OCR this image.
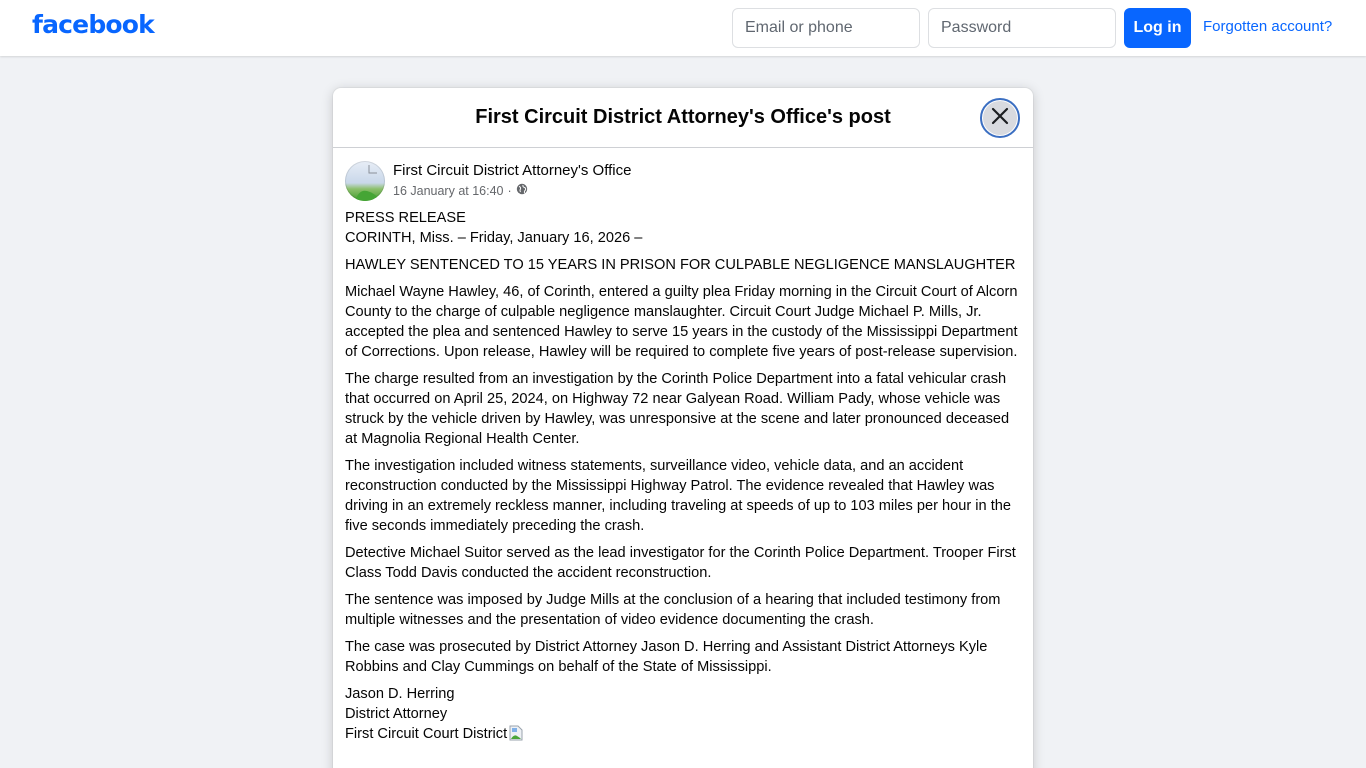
facebook
Email or phone	Log in	Forgotten account?
First Circuit District Attorney's Office's post
First Circuit District Attorney's Office
16 January at 16:40 ·

PRESS RELEASE
CORINTH, Miss. – Friday, January 16, 2026 –

HAWLEY SENTENCED TO 15 YEARS IN PRISON FOR CULPABLE NEGLIGENCE MANSLAUGHTER

Michael Wayne Hawley, 46, of Corinth, entered a guilty plea Friday morning in the Circuit Court of Alcorn County to the charge of culpable negligence manslaughter. Circuit Court Judge Michael P. Mills, Jr. accepted the plea and sentenced Hawley to serve 15 years in the custody of the Mississippi Department of Corrections. Upon release, Hawley will be required to complete five years of post-release supervision.

The charge resulted from an investigation by the Corinth Police Department into a fatal vehicular crash that occurred on April 25, 2024, on Highway 72 near Galyean Road. William Pady, whose vehicle was struck by the vehicle driven by Hawley, was unresponsive at the scene and later pronounced deceased at Magnolia Regional Health Center.

The investigation included witness statements, surveillance video, vehicle data, and an accident reconstruction conducted by the Mississippi Highway Patrol. The evidence revealed that Hawley was driving in an extremely reckless manner, including traveling at speeds of up to 103 miles per hour in the five seconds immediately preceding the crash.

Detective Michael Suitor served as the lead investigator for the Corinth Police Department. Trooper First Class Todd Davis conducted the accident reconstruction.

The sentence was imposed by Judge Mills at the conclusion of a hearing that included testimony from multiple witnesses and the presentation of video evidence documenting the crash.

The case was prosecuted by District Attorney Jason D. Herring and Assistant District Attorneys Kyle Robbins and Clay Cummings on behalf of the State of Mississippi.

Jason D. Herring
District Attorney
First Circuit Court District
